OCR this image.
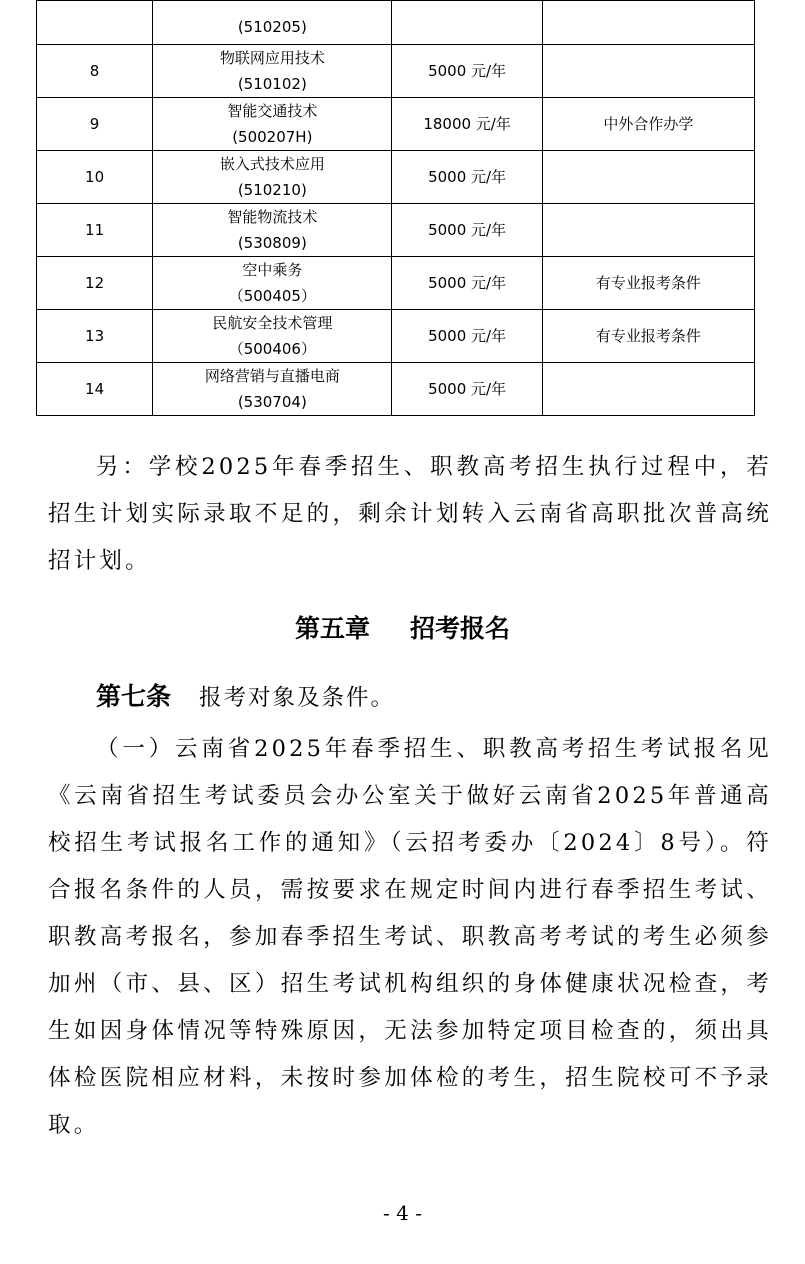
	(510205)		

8	物联网应用技术
(510102)	5000 元/年	
9	智能交通技术
(500207H)	18000 元/年	中外合作办学
10	嵌入式技术应用
(510210)	5000 元/年	
11	智能物流技术
(530809)	5000 元/年	
12	空中乘务
（500405）	5000 元/年	有专业报考条件
13	民航安全技术管理
（500406）	5000 元/年	有专业报考条件
14	网络营销与直播电商
(530704)	5000 元/年	

另：学校2025年春季招生、职教高考招生执行过程中，若招生计划实际录取不足的，剩余计划转入云南省高职批次普高统招计划。

第五章 招考报名
第七条 报考对象及条件。

（一）云南省2025年春季招生、职教高考招生考试报名见《云南省招生考试委员会办公室关于做好云南省2025年普通高校招生考试报名工作的通知》（云招考委办〔2024〕8号）。符合报名条件的人员，需按要求在规定时间内进行春季招生考试、职教高考报名，参加春季招生考试、职教高考考试的考生必须参加州（市、县、区）招生考试机构组织的身体健康状况检查，考生如因身体情况等特殊原因，无法参加特定项目检查的，须出具体检医院相应材料，未按时参加体检的考生，招生院校可不予录取。

- 4 -
